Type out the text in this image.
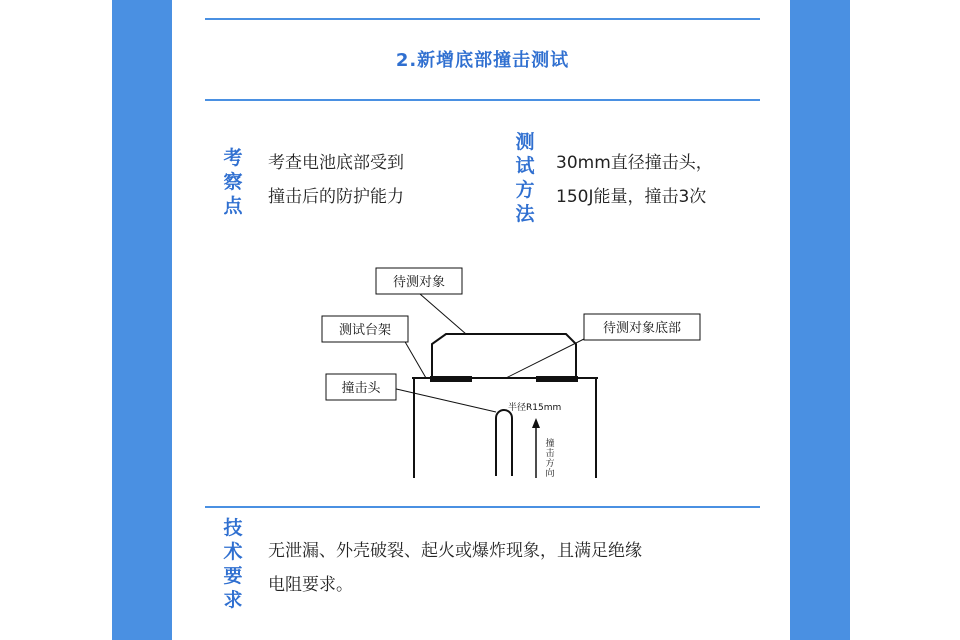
2.新增底部撞击测试
考
察
点
考查电池底部受到
撞击后的防护能力
测
试
方
法
30mm直径撞击头，
150J能量，撞击3次
待测对象
测试台架	待测对象底部
撞击头
半径R15mm
撞
击
方
向
技
术
要
求
无泄漏、外壳破裂、起火或爆炸现象，且满足绝缘
电阻要求。
